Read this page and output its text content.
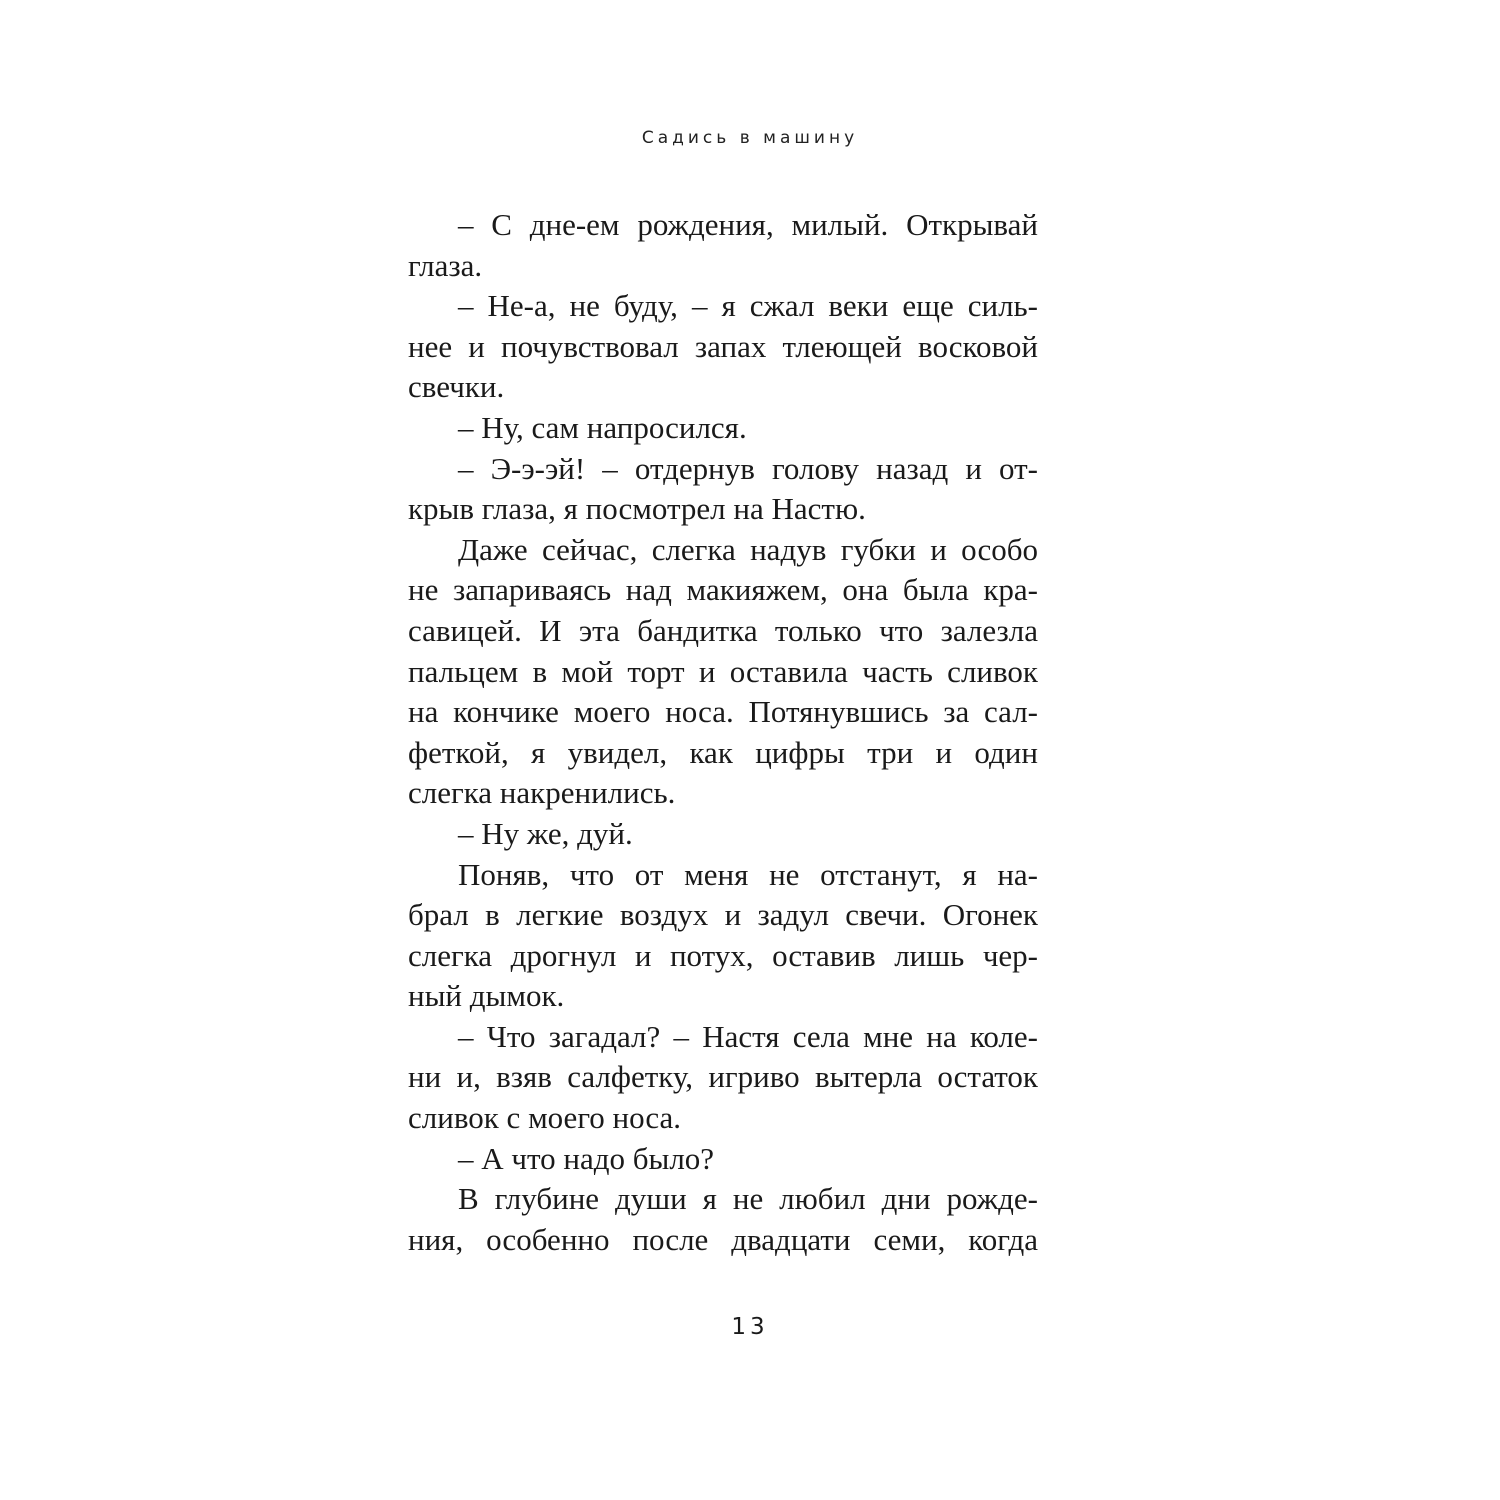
Садись в машину
– С дне-ем рождения, милый. Открывай
глаза.
– Не-а, не буду, – я сжал веки еще силь-
нее и почувствовал запах тлеющей восковой
свечки.
– Ну, сам напросился.
– Э-э-эй! – отдернув голову назад и от-
крыв глаза, я посмотрел на Настю.
Даже сейчас, слегка надув губки и особо
не запариваясь над макияжем, она была кра-
савицей. И эта бандитка только что залезла
пальцем в мой торт и оставила часть сливок
на кончике моего носа. Потянувшись за сал-
феткой, я увидел, как цифры три и один
слегка накренились.
– Ну же, дуй.
Поняв, что от меня не отстанут, я на-
брал в легкие воздух и задул свечи. Огонек
слегка дрогнул и потух, оставив лишь чер-
ный дымок.
– Что загадал? – Настя села мне на коле-
ни и, взяв салфетку, игриво вытерла остаток
сливок с моего носа.
– А что надо было?
В глубине души я не любил дни рожде-
ния, особенно после двадцати семи, когда
13
